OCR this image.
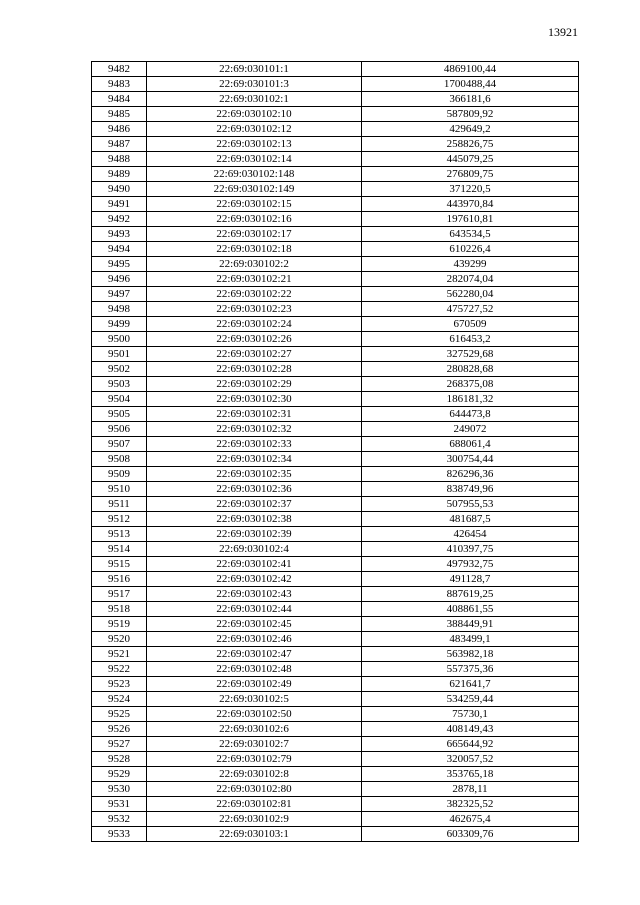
13921
9482	22:69:030101:1	4869100,44
9483	22:69:030101:3	1700488,44
9484	22:69:030102:1	366181,6
9485	22:69:030102:10	587809,92
9486	22:69:030102:12	429649,2
9487	22:69:030102:13	258826,75
9488	22:69:030102:14	445079,25
9489	22:69:030102:148	276809,75
9490	22:69:030102:149	371220,5
9491	22:69:030102:15	443970,84
9492	22:69:030102:16	197610,81
9493	22:69:030102:17	643534,5
9494	22:69:030102:18	610226,4
9495	22:69:030102:2	439299
9496	22:69:030102:21	282074,04
9497	22:69:030102:22	562280,04
9498	22:69:030102:23	475727,52
9499	22:69:030102:24	670509
9500	22:69:030102:26	616453,2
9501	22:69:030102:27	327529,68
9502	22:69:030102:28	280828,68
9503	22:69:030102:29	268375,08
9504	22:69:030102:30	186181,32
9505	22:69:030102:31	644473,8
9506	22:69:030102:32	249072
9507	22:69:030102:33	688061,4
9508	22:69:030102:34	300754,44
9509	22:69:030102:35	826296,36
9510	22:69:030102:36	838749,96
9511	22:69:030102:37	507955,53
9512	22:69:030102:38	481687,5
9513	22:69:030102:39	426454
9514	22:69:030102:4	410397,75
9515	22:69:030102:41	497932,75
9516	22:69:030102:42	491128,7
9517	22:69:030102:43	887619,25
9518	22:69:030102:44	408861,55
9519	22:69:030102:45	388449,91
9520	22:69:030102:46	483499,1
9521	22:69:030102:47	563982,18
9522	22:69:030102:48	557375,36
9523	22:69:030102:49	621641,7
9524	22:69:030102:5	534259,44
9525	22:69:030102:50	75730,1
9526	22:69:030102:6	408149,43
9527	22:69:030102:7	665644,92
9528	22:69:030102:79	320057,52
9529	22:69:030102:8	353765,18
9530	22:69:030102:80	2878,11
9531	22:69:030102:81	382325,52
9532	22:69:030102:9	462675,4
9533	22:69:030103:1	603309,76
